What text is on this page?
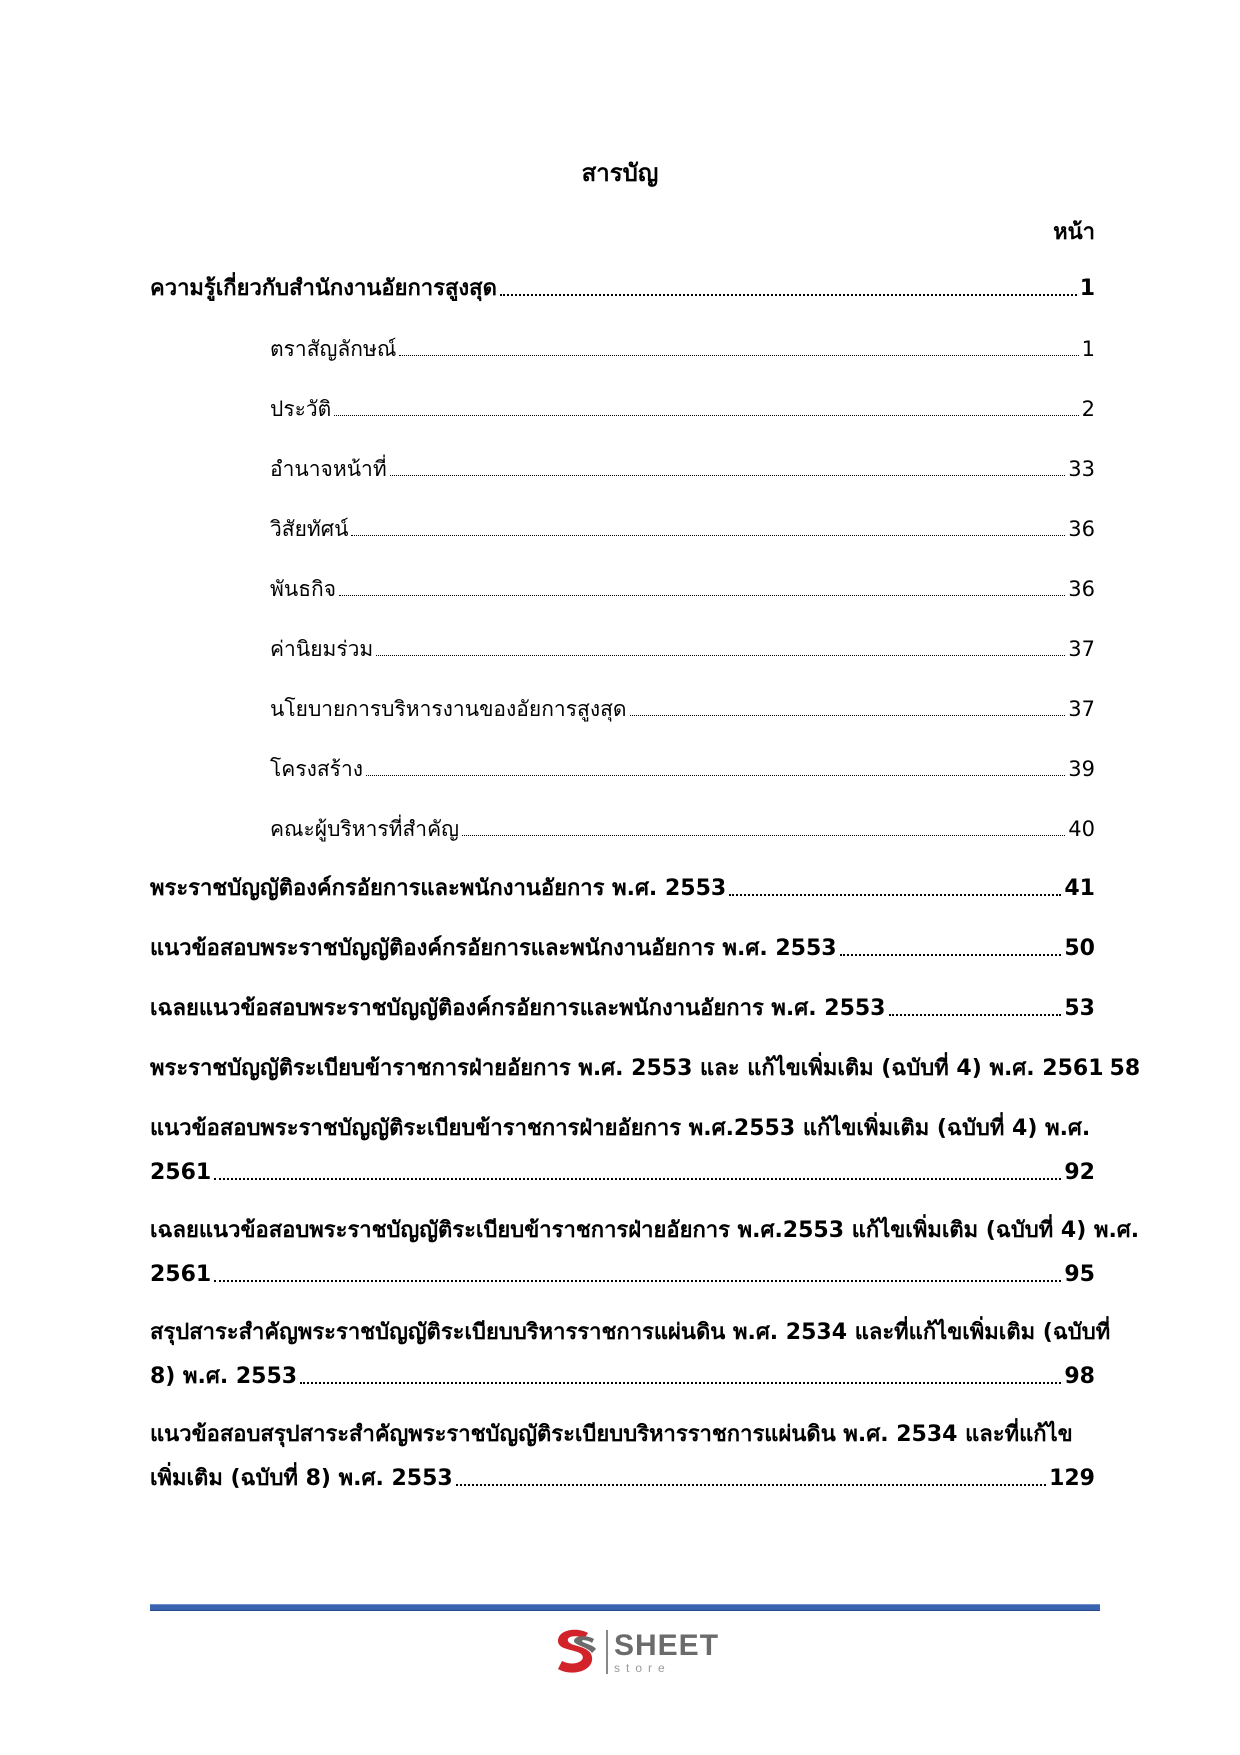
สารบัญ
หน้า
ความรู้เกี่ยวกับสำนักงานอัยการสูงสุด	1
ตราสัญลักษณ์	1
ประวัติ	2
อำนาจหน้าที่	33
วิสัยทัศน์	36
พันธกิจ	36
ค่านิยมร่วม	37
นโยบายการบริหารงานของอัยการสูงสุด	37
โครงสร้าง	39
คณะผู้บริหารที่สำคัญ	40
พระราชบัญญัติองค์กรอัยการและพนักงานอัยการ พ.ศ. 2553	41
แนวข้อสอบพระราชบัญญัติองค์กรอัยการและพนักงานอัยการ พ.ศ. 2553	50
เฉลยแนวข้อสอบพระราชบัญญัติองค์กรอัยการและพนักงานอัยการ พ.ศ. 2553	53
พระราชบัญญัติระเบียบข้าราชการฝ่ายอัยการ พ.ศ. 2553 และ แก้ไขเพิ่มเติม (ฉบับที่ 4) พ.ศ. 2561 58
แนวข้อสอบพระราชบัญญัติระเบียบข้าราชการฝ่ายอัยการ พ.ศ.2553 แก้ไขเพิ่มเติม (ฉบับที่ 4) พ.ศ.
2561	92
เฉลยแนวข้อสอบพระราชบัญญัติระเบียบข้าราชการฝ่ายอัยการ พ.ศ.2553 แก้ไขเพิ่มเติม (ฉบับที่ 4) พ.ศ.
2561	95
สรุปสาระสำคัญพระราชบัญญัติระเบียบบริหารราชการแผ่นดิน พ.ศ. 2534 และที่แก้ไขเพิ่มเติม (ฉบับที่
8) พ.ศ. 2553	98
แนวข้อสอบสรุปสาระสำคัญพระราชบัญญัติระเบียบบริหารราชการแผ่นดิน พ.ศ. 2534 และที่แก้ไข
เพิ่มเติม (ฉบับที่ 8) พ.ศ. 2553	129
SHEET
store
